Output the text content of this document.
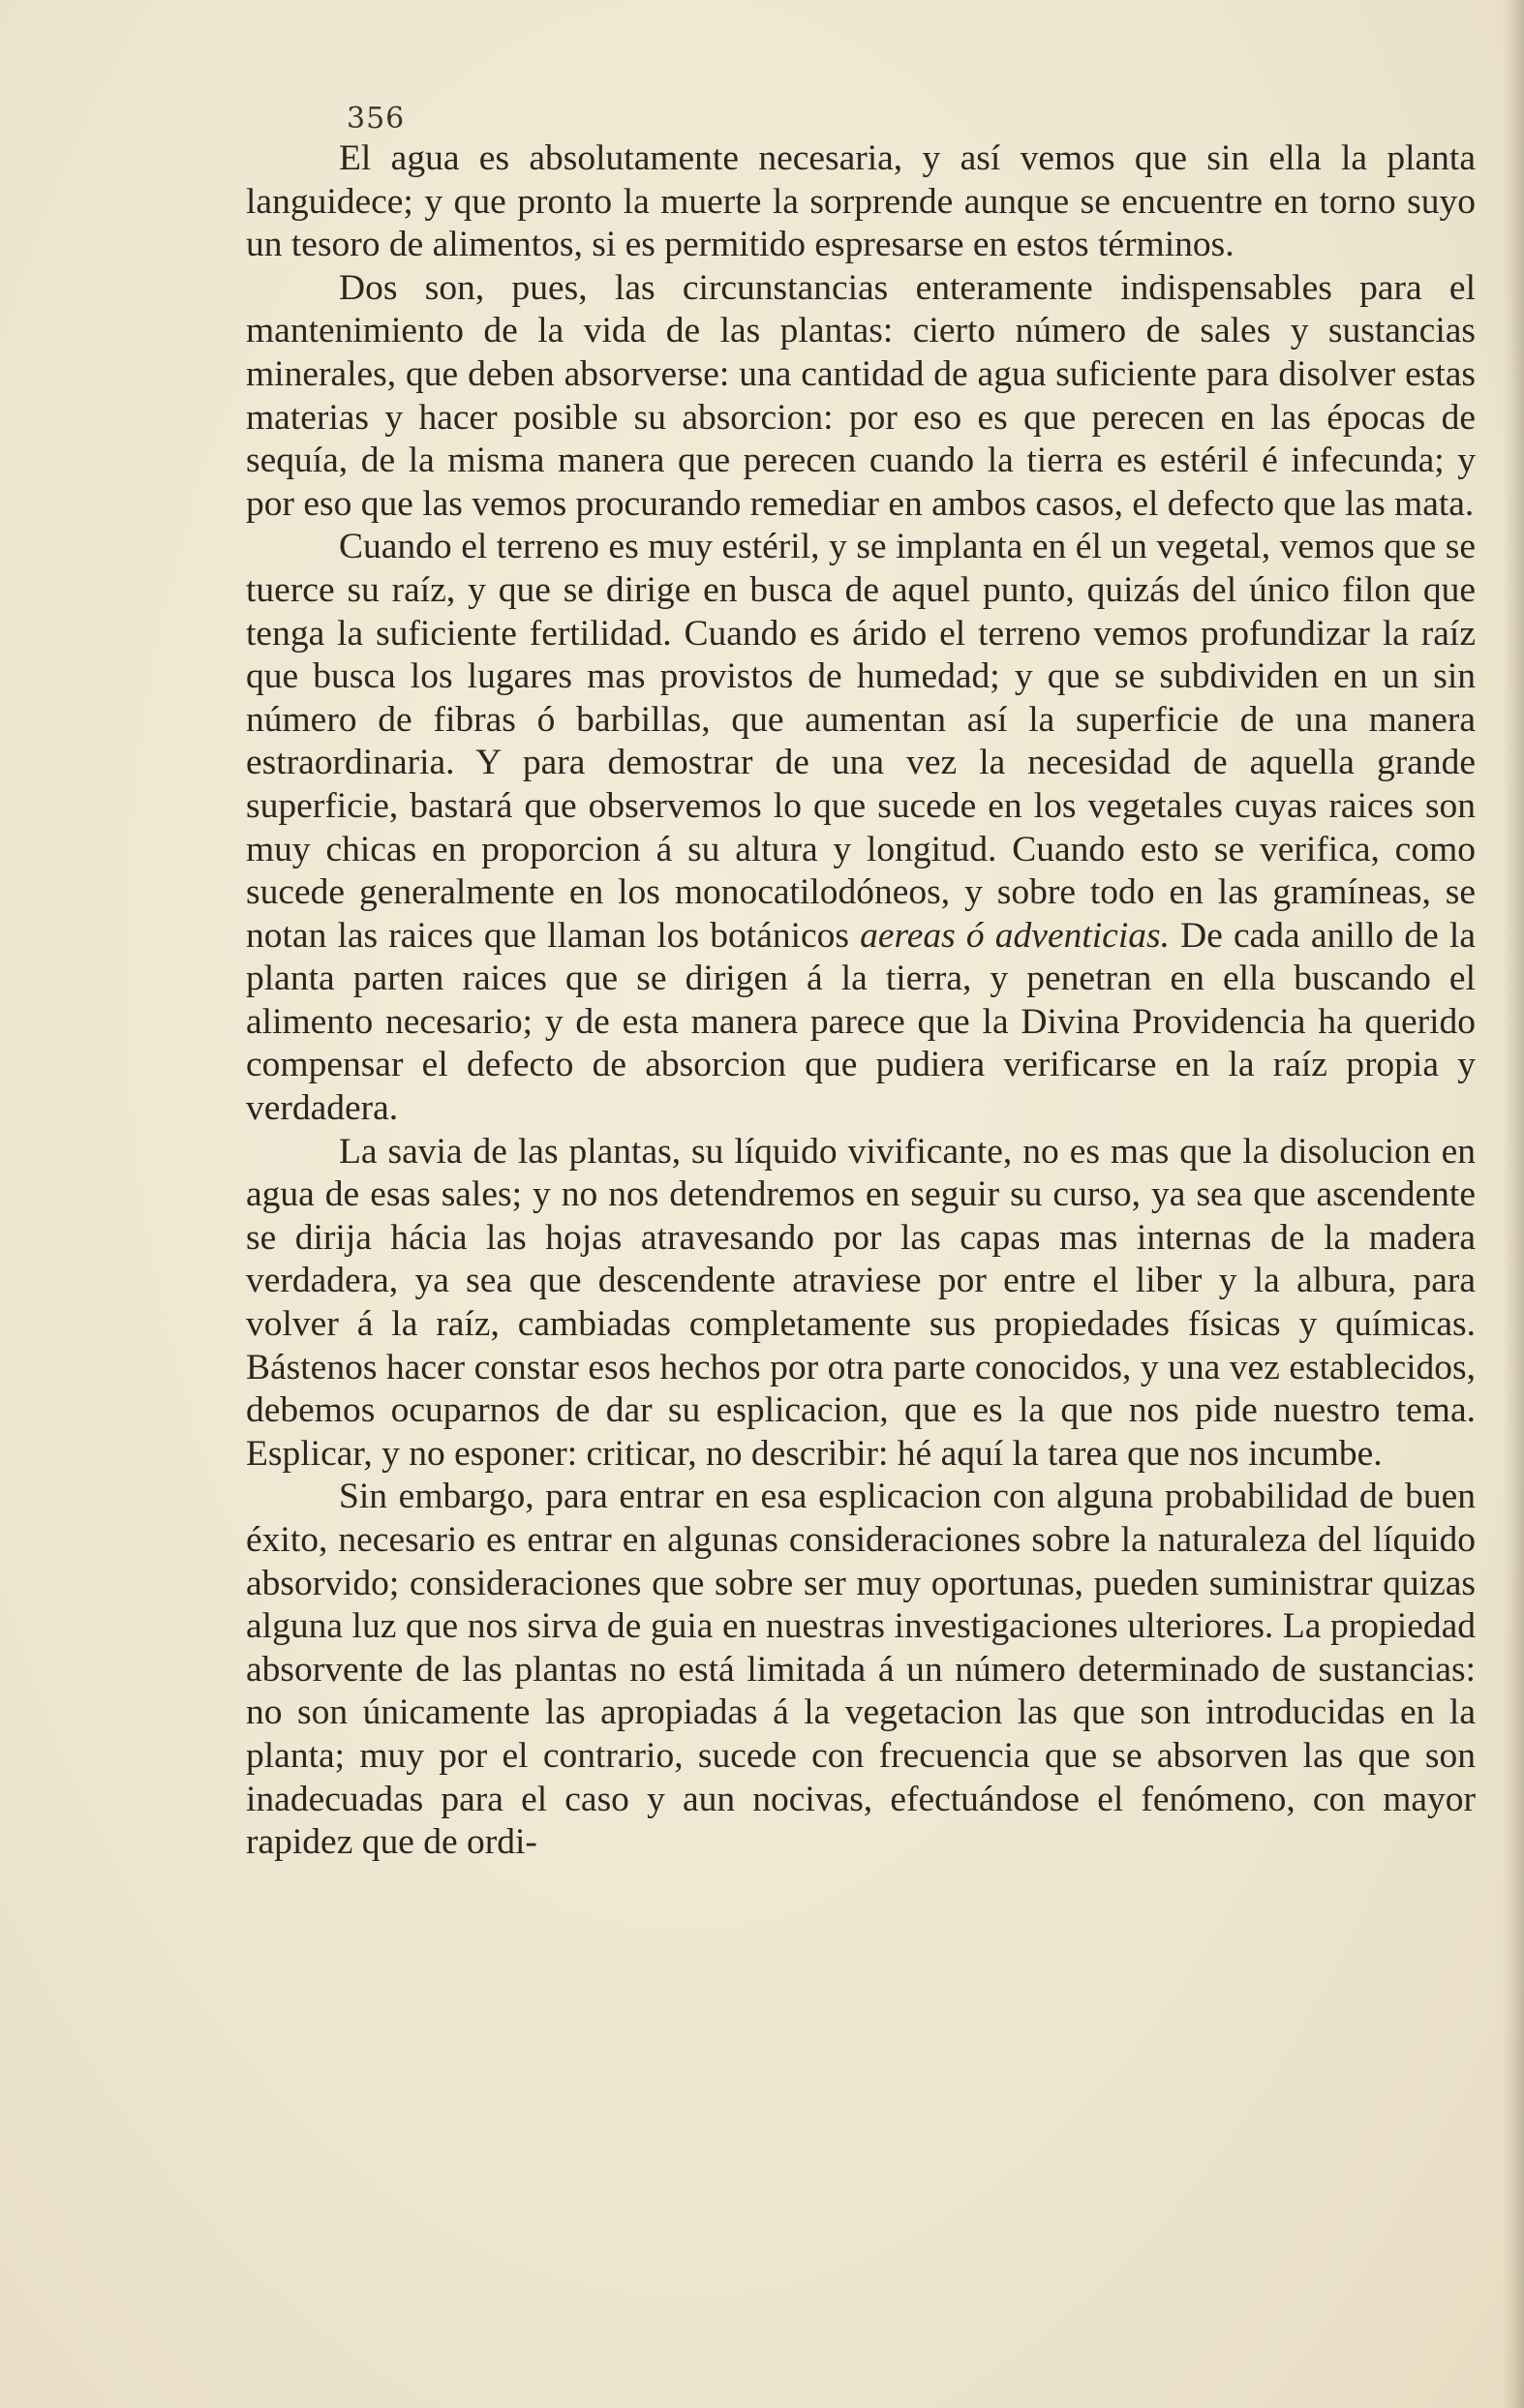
356

El agua es absolutamente necesaria, y así vemos que sin ella la planta languidece; y que pronto la muerte la sorprende aunque se encuentre en torno suyo un tesoro de alimentos, si es permitido espresarse en estos términos.

Dos son, pues, las circunstancias enteramente indispensables para el mantenimiento de la vida de las plantas: cierto número de sales y sustancias minerales, que deben absorverse: una cantidad de agua suficiente para disolver estas materias y hacer posible su absorcion: por eso es que perecen en las épocas de sequía, de la misma manera que perecen cuando la tierra es estéril é infecunda; y por eso que las vemos procurando remediar en ambos casos, el defecto que las mata.

Cuando el terreno es muy estéril, y se implanta en él un vegetal, vemos que se tuerce su raíz, y que se dirige en busca de aquel punto, quizás del único filon que tenga la suficiente fertilidad. Cuando es árido el terreno vemos profundizar la raíz que busca los lugares mas provistos de humedad; y que se subdividen en un sin número de fibras ó barbillas, que aumentan así la superficie de una manera estraordinaria. Y para demostrar de una vez la necesidad de aquella grande superficie, bastará que observemos lo que sucede en los vegetales cuyas raices son muy chicas en proporcion á su altura y longitud. Cuando esto se verifica, como sucede generalmente en los monocatilodóneos, y sobre todo en las gramíneas, se notan las raices que llaman los botánicos aereas ó adventicias. De cada anillo de la planta parten raices que se dirigen á la tierra, y penetran en ella buscando el alimento necesario; y de esta manera parece que la Divina Providencia ha querido compensar el defecto de absorcion que pudiera verificarse en la raíz propia y verdadera.

La savia de las plantas, su líquido vivificante, no es mas que la disolucion en agua de esas sales; y no nos detendremos en seguir su curso, ya sea que ascendente se dirija hácia las hojas atravesando por las capas mas internas de la madera verdadera, ya sea que descendente atraviese por entre el liber y la albura, para volver á la raíz, cambiadas completamente sus propiedades físicas y químicas. Bástenos hacer constar esos hechos por otra parte conocidos, y una vez establecidos, debemos ocuparnos de dar su esplicacion, que es la que nos pide nuestro tema. Esplicar, y no esponer: criticar, no describir: hé aquí la tarea que nos incumbe.

Sin embargo, para entrar en esa esplicacion con alguna probabilidad de buen éxito, necesario es entrar en algunas consideraciones sobre la naturaleza del líquido absorvido; consideraciones que sobre ser muy oportunas, pueden suministrar quizas alguna luz que nos sirva de guia en nuestras investigaciones ulteriores. La propiedad absorvente de las plantas no está limitada á un número determinado de sustancias: no son únicamente las apropiadas á la vegetacion las que son introducidas en la planta; muy por el contrario, sucede con frecuencia que se absorven las que son inadecuadas para el caso y aun nocivas, efectuándose el fenómeno, con mayor rapidez que de ordi-
